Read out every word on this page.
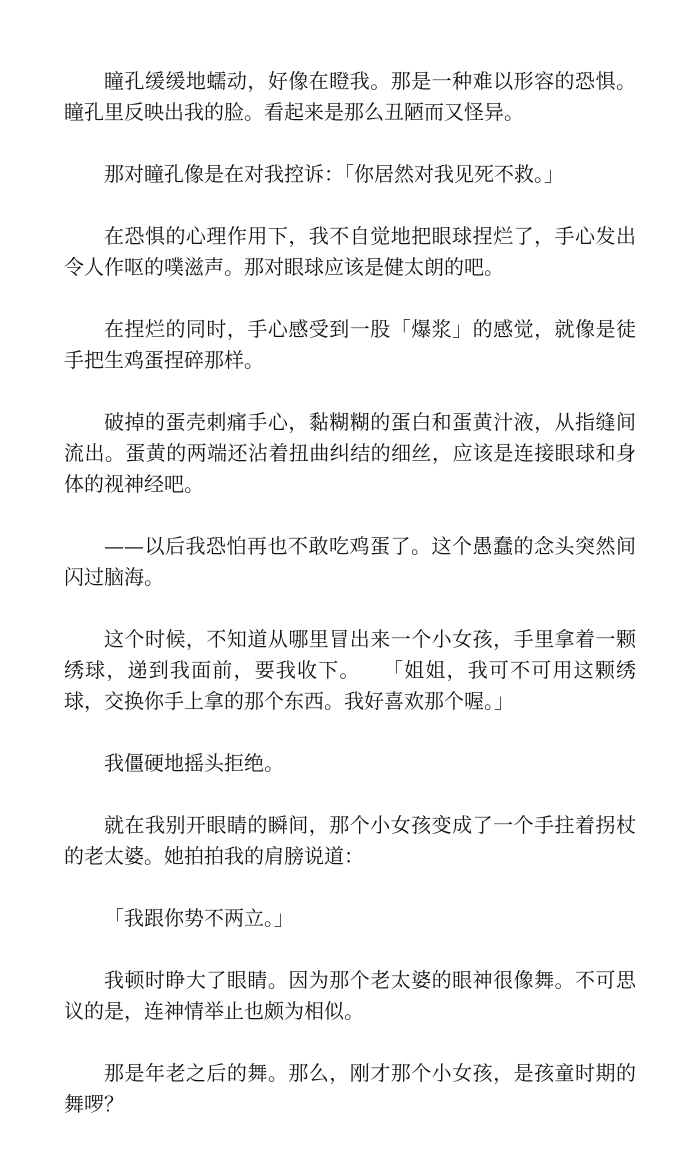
瞳孔缓缓地蠕动，好像在瞪我。那是一种难以形容的恐惧。瞳孔里反映出我的脸。看起来是那么丑陋而又怪异。

那对瞳孔像是在对我控诉：「你居然对我见死不救。」

在恐惧的心理作用下，我不自觉地把眼球捏烂了，手心发出令人作呕的噗滋声。那对眼球应该是健太朗的吧。

在捏烂的同时，手心感受到一股「爆浆」的感觉，就像是徒手把生鸡蛋捏碎那样。

破掉的蛋壳刺痛手心，黏糊糊的蛋白和蛋黄汁液，从指缝间流出。蛋黄的两端还沾着扭曲纠结的细丝，应该是连接眼球和身体的视神经吧。

——以后我恐怕再也不敢吃鸡蛋了。这个愚蠢的念头突然间闪过脑海。

这个时候，不知道从哪里冒出来一个小女孩，手里拿着一颗绣球，递到我面前，要我收下。　　「姐姐，我可不可用这颗绣球，交换你手上拿的那个东西。我好喜欢那个喔。」

我僵硬地摇头拒绝。

就在我别开眼睛的瞬间，那个小女孩变成了一个手拄着拐杖的老太婆。她拍拍我的肩膀说道：

「我跟你势不两立。」

我顿时睁大了眼睛。因为那个老太婆的眼神很像舞。不可思议的是，连神情举止也颇为相似。

那是年老之后的舞。那么，刚才那个小女孩，是孩童时期的舞啰？
